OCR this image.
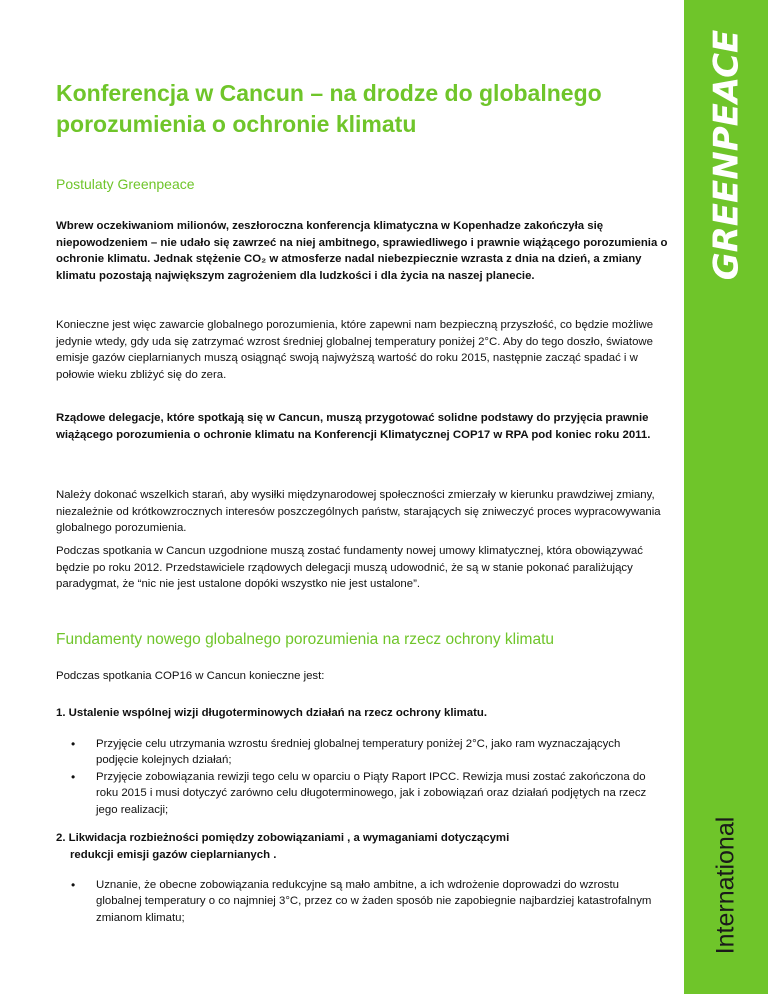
GREENPEACE
International
Konferencja w Cancun – na drodze do globalnego porozumienia o ochronie klimatu
Postulaty Greenpeace

Wbrew oczekiwaniom milionów, zeszłoroczna konferencja klimatyczna w Kopenhadze zakończyła się niepowodzeniem – nie udało się zawrzeć na niej ambitnego, sprawiedliwego i prawnie wiążącego porozumienia o ochronie klimatu. Jednak stężenie CO₂ w atmosferze nadal niebezpiecznie wzrasta z dnia na dzień, a zmiany klimatu pozostają największym zagrożeniem dla ludzkości i dla życia na naszej planecie.

Konieczne jest więc zawarcie globalnego porozumienia, które zapewni nam bezpieczną przyszłość, co będzie możliwe jedynie wtedy, gdy uda się zatrzymać wzrost średniej globalnej temperatury poniżej 2°C. Aby do tego doszło, światowe emisje gazów cieplarnianych muszą osiągnąć swoją najwyższą wartość do roku 2015, następnie zacząć spadać i w połowie wieku zbliżyć się do zera.

Rządowe delegacje, które spotkają się w Cancun, muszą przygotować solidne podstawy do przyjęcia prawnie wiążącego porozumienia o ochronie klimatu na Konferencji Klimatycznej COP17 w RPA pod koniec roku 2011.

Należy dokonać wszelkich starań, aby wysiłki międzynarodowej społeczności zmierzały w kierunku prawdziwej zmiany, niezależnie od krótkowzrocznych interesów poszczególnych państw, starających się zniweczyć proces wypracowywania globalnego porozumienia.

Podczas spotkania w Cancun uzgodnione muszą zostać fundamenty nowej umowy klimatycznej, która obowiązywać będzie po roku 2012. Przedstawiciele rządowych delegacji muszą udowodnić, że są w stanie pokonać paraliżujący paradygmat, że “nic nie jest ustalone dopóki wszystko nie jest ustalone”.

Fundamenty nowego globalnego porozumienia na rzecz ochrony klimatu

Podczas spotkania COP16 w Cancun konieczne jest:

1. Ustalenie wspólnej wizji długoterminowych działań na rzecz ochrony klimatu.

• Przyjęcie celu utrzymania wzrostu średniej globalnej temperatury poniżej 2°C, jako ram wyznaczających podjęcie kolejnych działań;
• Przyjęcie zobowiązania rewizji tego celu w oparciu o Piąty Raport IPCC. Rewizja musi zostać zakończona do roku 2015 i musi dotyczyć zarówno celu długoterminowego, jak i zobowiązań oraz działań podjętych na rzecz jego realizacji;

2. Likwidacja rozbieżności pomiędzy zobowiązaniami , a wymaganiami dotyczącymi
redukcji emisji gazów cieplarnianych .

• Uznanie, że obecne zobowiązania redukcyjne są mało ambitne, a ich wdrożenie doprowadzi do wzrostu globalnej temperatury o co najmniej 3°C, przez co w żaden sposób nie zapobiegnie najbardziej katastrofalnym zmianom klimatu;
